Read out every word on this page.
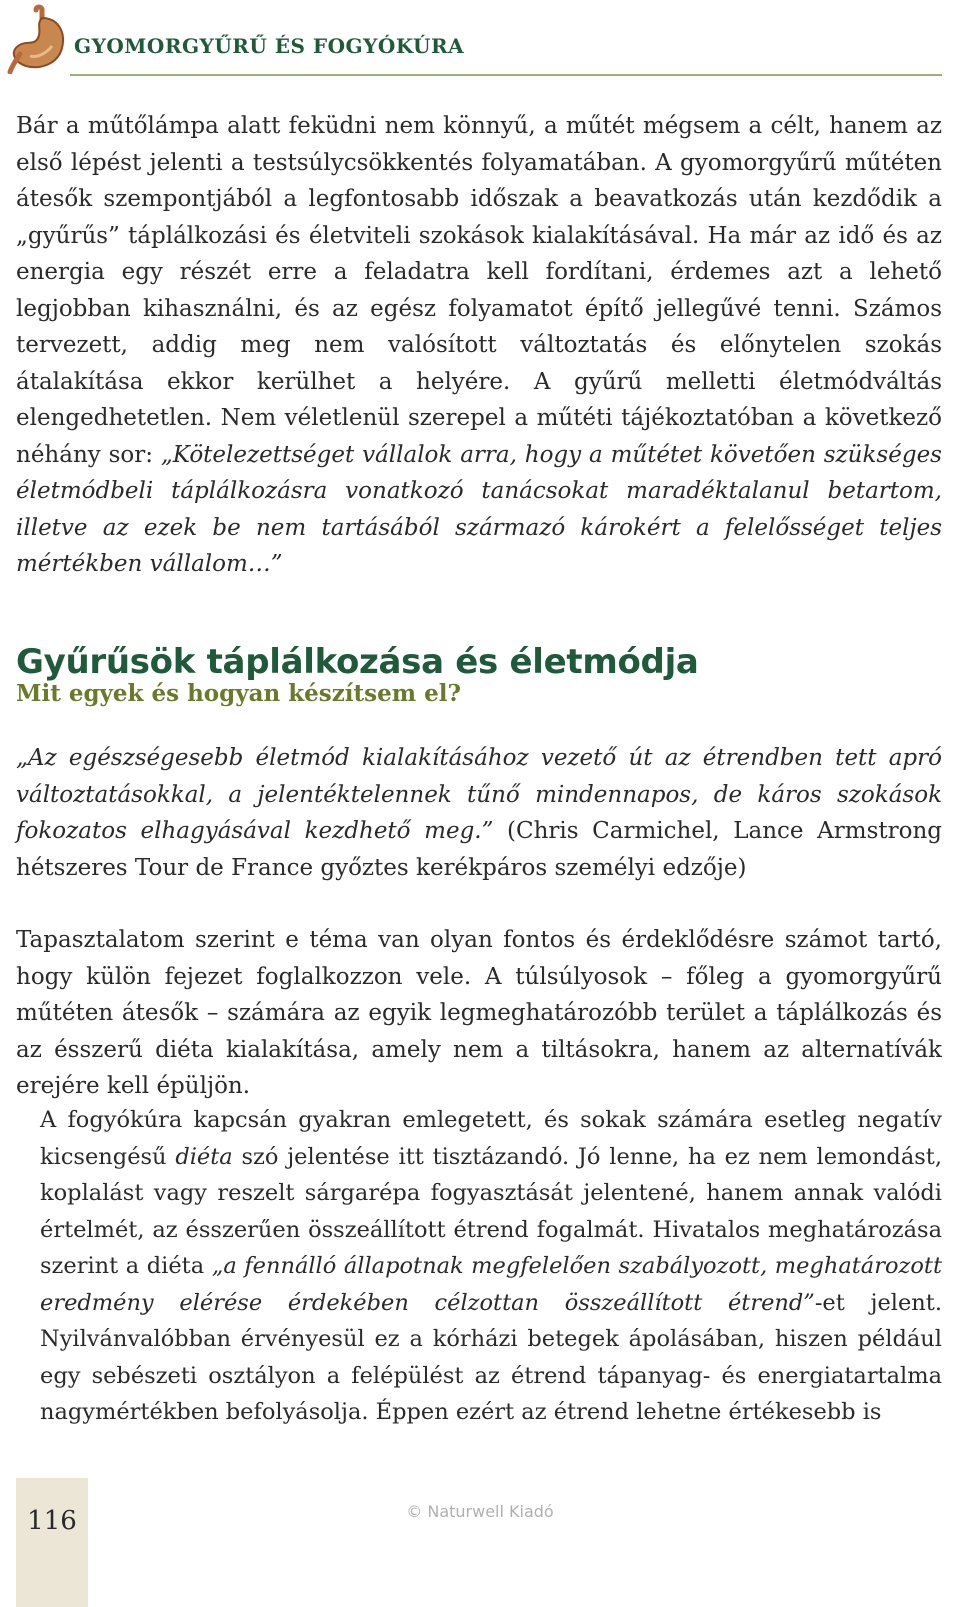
GYOMORGYŰRŰ ÉS FOGYÓKÚRA

Bár a műtőlámpa alatt feküdni nem könnyű, a műtét mégsem a célt, hanem az első lépést jelenti a testsúlycsökkentés folyamatában. A gyomorgyűrű műtéten átesők szempontjából a legfontosabb időszak a beavatkozás után kezdődik a „gyűrűs” táplálkozási és életviteli szokások kialakításával. Ha már az idő és az energia egy részét erre a feladatra kell fordítani, érdemes azt a lehető legjobban kihasználni, és az egész folyamatot építő jellegűvé tenni. Számos tervezett, addig meg nem valósított változtatás és előnytelen szokás átalakítása ekkor kerülhet a helyére. A gyűrű melletti életmódváltás elengedhetetlen. Nem véletlenül szerepel a műtéti tájékoztatóban a következő néhány sor: „Kötelezettséget vállalok arra, hogy a műtétet követően szükséges életmódbeli táplálkozásra vonatkozó tanácsokat maradéktalanul betartom, illetve az ezek be nem tartásából származó károkért a felelősséget teljes mértékben vállalom…”

Gyűrűsök táplálkozása és életmódja
Mit egyek és hogyan készítsem el?

„Az egészségesebb életmód kialakításához vezető út az étrendben tett apró változtatásokkal, a jelentéktelennek tűnő mindennapos, de káros szokások fokozatos elhagyásával kezdhető meg.” (Chris Carmichel, Lance Armstrong hétszeres Tour de France győztes kerékpáros személyi edzője)

Tapasztalatom szerint e téma van olyan fontos és érdeklődésre számot tartó, hogy külön fejezet foglalkozzon vele. A túlsúlyosok – főleg a gyomorgyűrű műtéten átesők – számára az egyik legmeghatározóbb terület a táplálkozás és az ésszerű diéta kialakítása, amely nem a tiltásokra, hanem az alternatívák erejére kell épüljön.

A fogyókúra kapcsán gyakran emlegetett, és sokak számára esetleg negatív kicsengésű diéta szó jelentése itt tisztázandó. Jó lenne, ha ez nem lemondást, koplalást vagy reszelt sárgarépa fogyasztását jelentené, hanem annak valódi értelmét, az ésszerűen összeállított étrend fogalmát. Hivatalos meghatározása szerint a diéta „a fennálló állapotnak megfelelően szabályozott, meghatározott eredmény elérése érdekében célzottan összeállított étrend”-et jelent. Nyilvánvalóbban érvényesül ez a kórházi betegek ápolásában, hiszen például egy sebészeti osztályon a felépülést az étrend tápanyag- és energiatartalma nagymértékben befolyásolja. Éppen ezért az étrend lehetne értékesebb is

116	© Naturwell Kiadó
